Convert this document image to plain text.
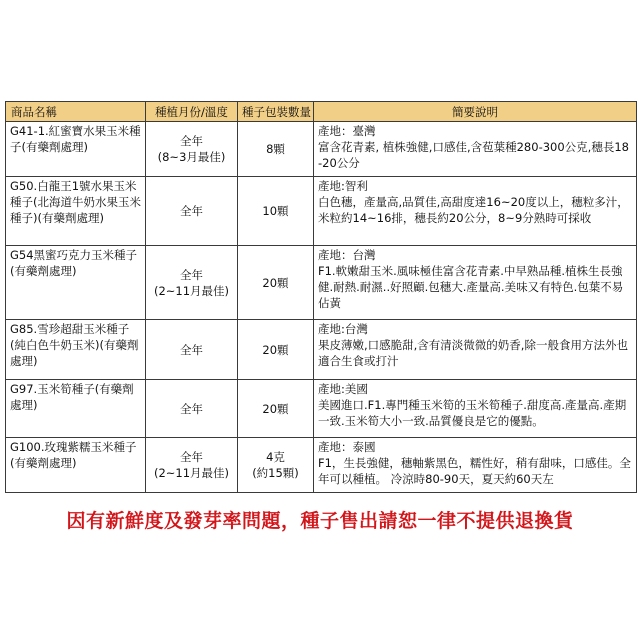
商品名稱	種植月份/溫度	種子包裝數量	簡要說明
G41-1.紅蜜寶水果玉米種子(有藥劑處理)	全年
(8~3月最佳)	8顆	產地：臺灣
富含花青素, 植株強健,口感佳,含苞葉種280-300公克,穗長18-20公分

G50.白龍王1號水果玉米種子(北海道牛奶水果玉米種子)(有藥劑處理)	全年	10顆	產地:智利
白色穗，產量高,品質佳,高甜度達16~20度以上，穗粒多汁，米粒約14~16排，穗長約20公分，8~9分熟時可採收

G54黑蜜巧克力玉米種子(有藥劑處理)	全年
(2~11月最佳)	20顆	產地：台灣
F1.軟嫩甜玉米.風味極佳富含花青素.中早熟品種.植株生長強健.耐熱.耐濕..好照顧.包穗大.產量高.美味又有特色.包葉不易佔黃

G85.雪珍超甜玉米種子(純白色牛奶玉米)(有藥劑處理)	全年	20顆	產地:台灣
果皮薄嫩,口感脆甜,含有清淡微微的奶香,除一般食用方法外也適合生食或打汁

G97.玉米筍種子(有藥劑處理)	全年	20顆	產地:美國
美國進口.F1.專門種玉米筍的玉米筍種子.甜度高.產量高.產期一致.玉米筍大小一致.品質優良是它的優點。

G100.玫瑰紫糯玉米種子(有藥劑處理)	全年
(2~11月最佳)	4克
(約15顆)	產地：泰國
F1，生長強健，穗軸紫黑色，糯性好，稍有甜味，口感佳。全年可以種植。 冷涼時80-90天，夏天約60天左
因有新鮮度及發芽率問題，種子售出請恕一律不提供退換貨
